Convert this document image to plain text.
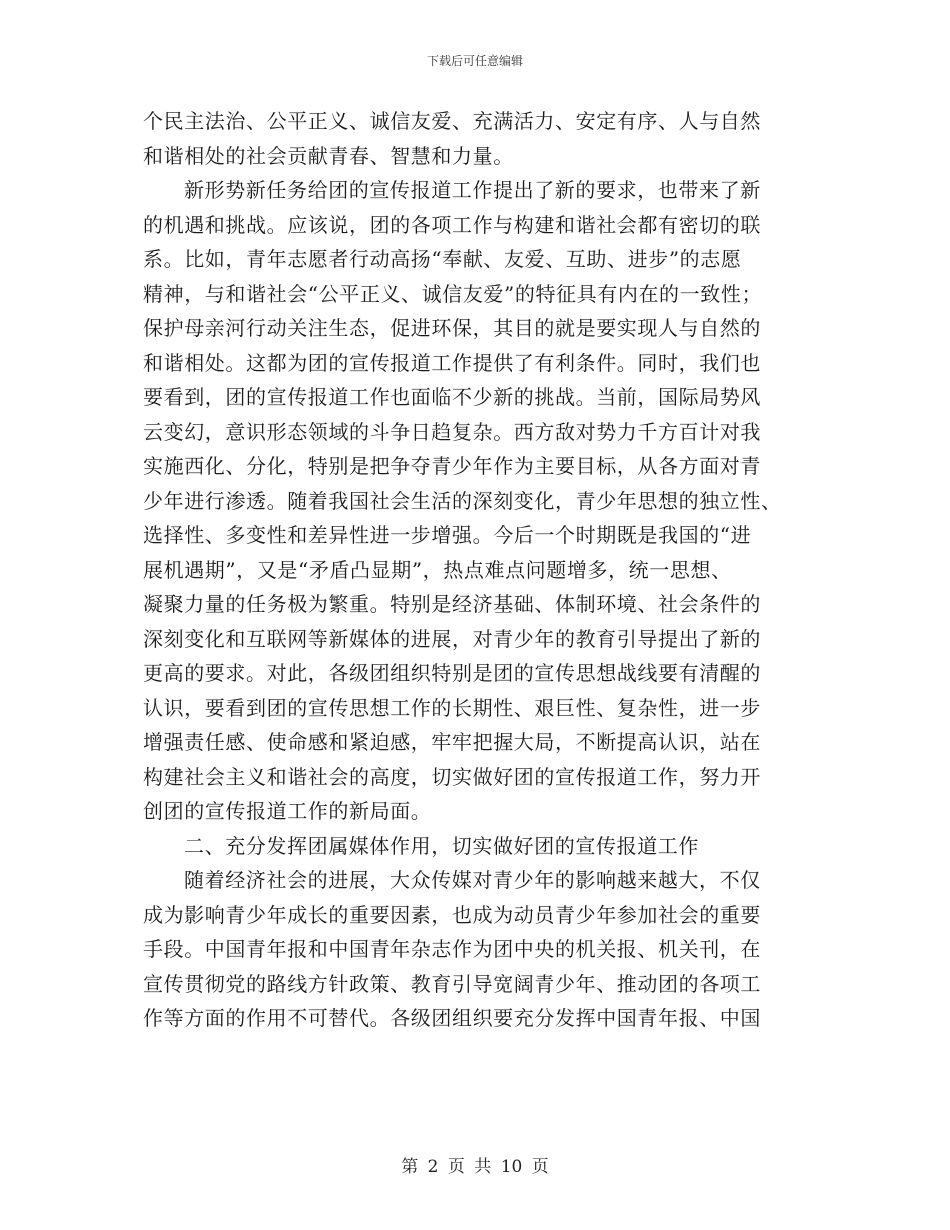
下载后可任意编辑
个民主法治、公平正义、诚信友爱、充满活力、安定有序、人与自然
和谐相处的社会贡献青春、智慧和力量。
新形势新任务给团的宣传报道工作提出了新的要求，也带来了新
的机遇和挑战。应该说，团的各项工作与构建和谐社会都有密切的联
系。比如，青年志愿者行动高扬“奉献、友爱、互助、进步”的志愿
精神，与和谐社会“公平正义、诚信友爱”的特征具有内在的一致性；
保护母亲河行动关注生态，促进环保，其目的就是要实现人与自然的
和谐相处。这都为团的宣传报道工作提供了有利条件。同时，我们也
要看到，团的宣传报道工作也面临不少新的挑战。当前，国际局势风
云变幻，意识形态领域的斗争日趋复杂。西方敌对势力千方百计对我
实施西化、分化，特别是把争夺青少年作为主要目标，从各方面对青
少年进行渗透。随着我国社会生活的深刻变化，青少年思想的独立性、
选择性、多变性和差异性进一步增强。今后一个时期既是我国的“进
展机遇期”，又是“矛盾凸显期”，热点难点问题增多，统一思想、
凝聚力量的任务极为繁重。特别是经济基础、体制环境、社会条件的
深刻变化和互联网等新媒体的进展，对青少年的教育引导提出了新的
更高的要求。对此，各级团组织特别是团的宣传思想战线要有清醒的
认识，要看到团的宣传思想工作的长期性、艰巨性、复杂性，进一步
增强责任感、使命感和紧迫感，牢牢把握大局，不断提高认识，站在
构建社会主义和谐社会的高度，切实做好团的宣传报道工作，努力开
创团的宣传报道工作的新局面。
二、充分发挥团属媒体作用，切实做好团的宣传报道工作
随着经济社会的进展，大众传媒对青少年的影响越来越大，不仅
成为影响青少年成长的重要因素，也成为动员青少年参加社会的重要
手段。中国青年报和中国青年杂志作为团中央的机关报、机关刊，在
宣传贯彻党的路线方针政策、教育引导宽阔青少年、推动团的各项工
作等方面的作用不可替代。各级团组织要充分发挥中国青年报、中国
第 2 页 共 10 页
